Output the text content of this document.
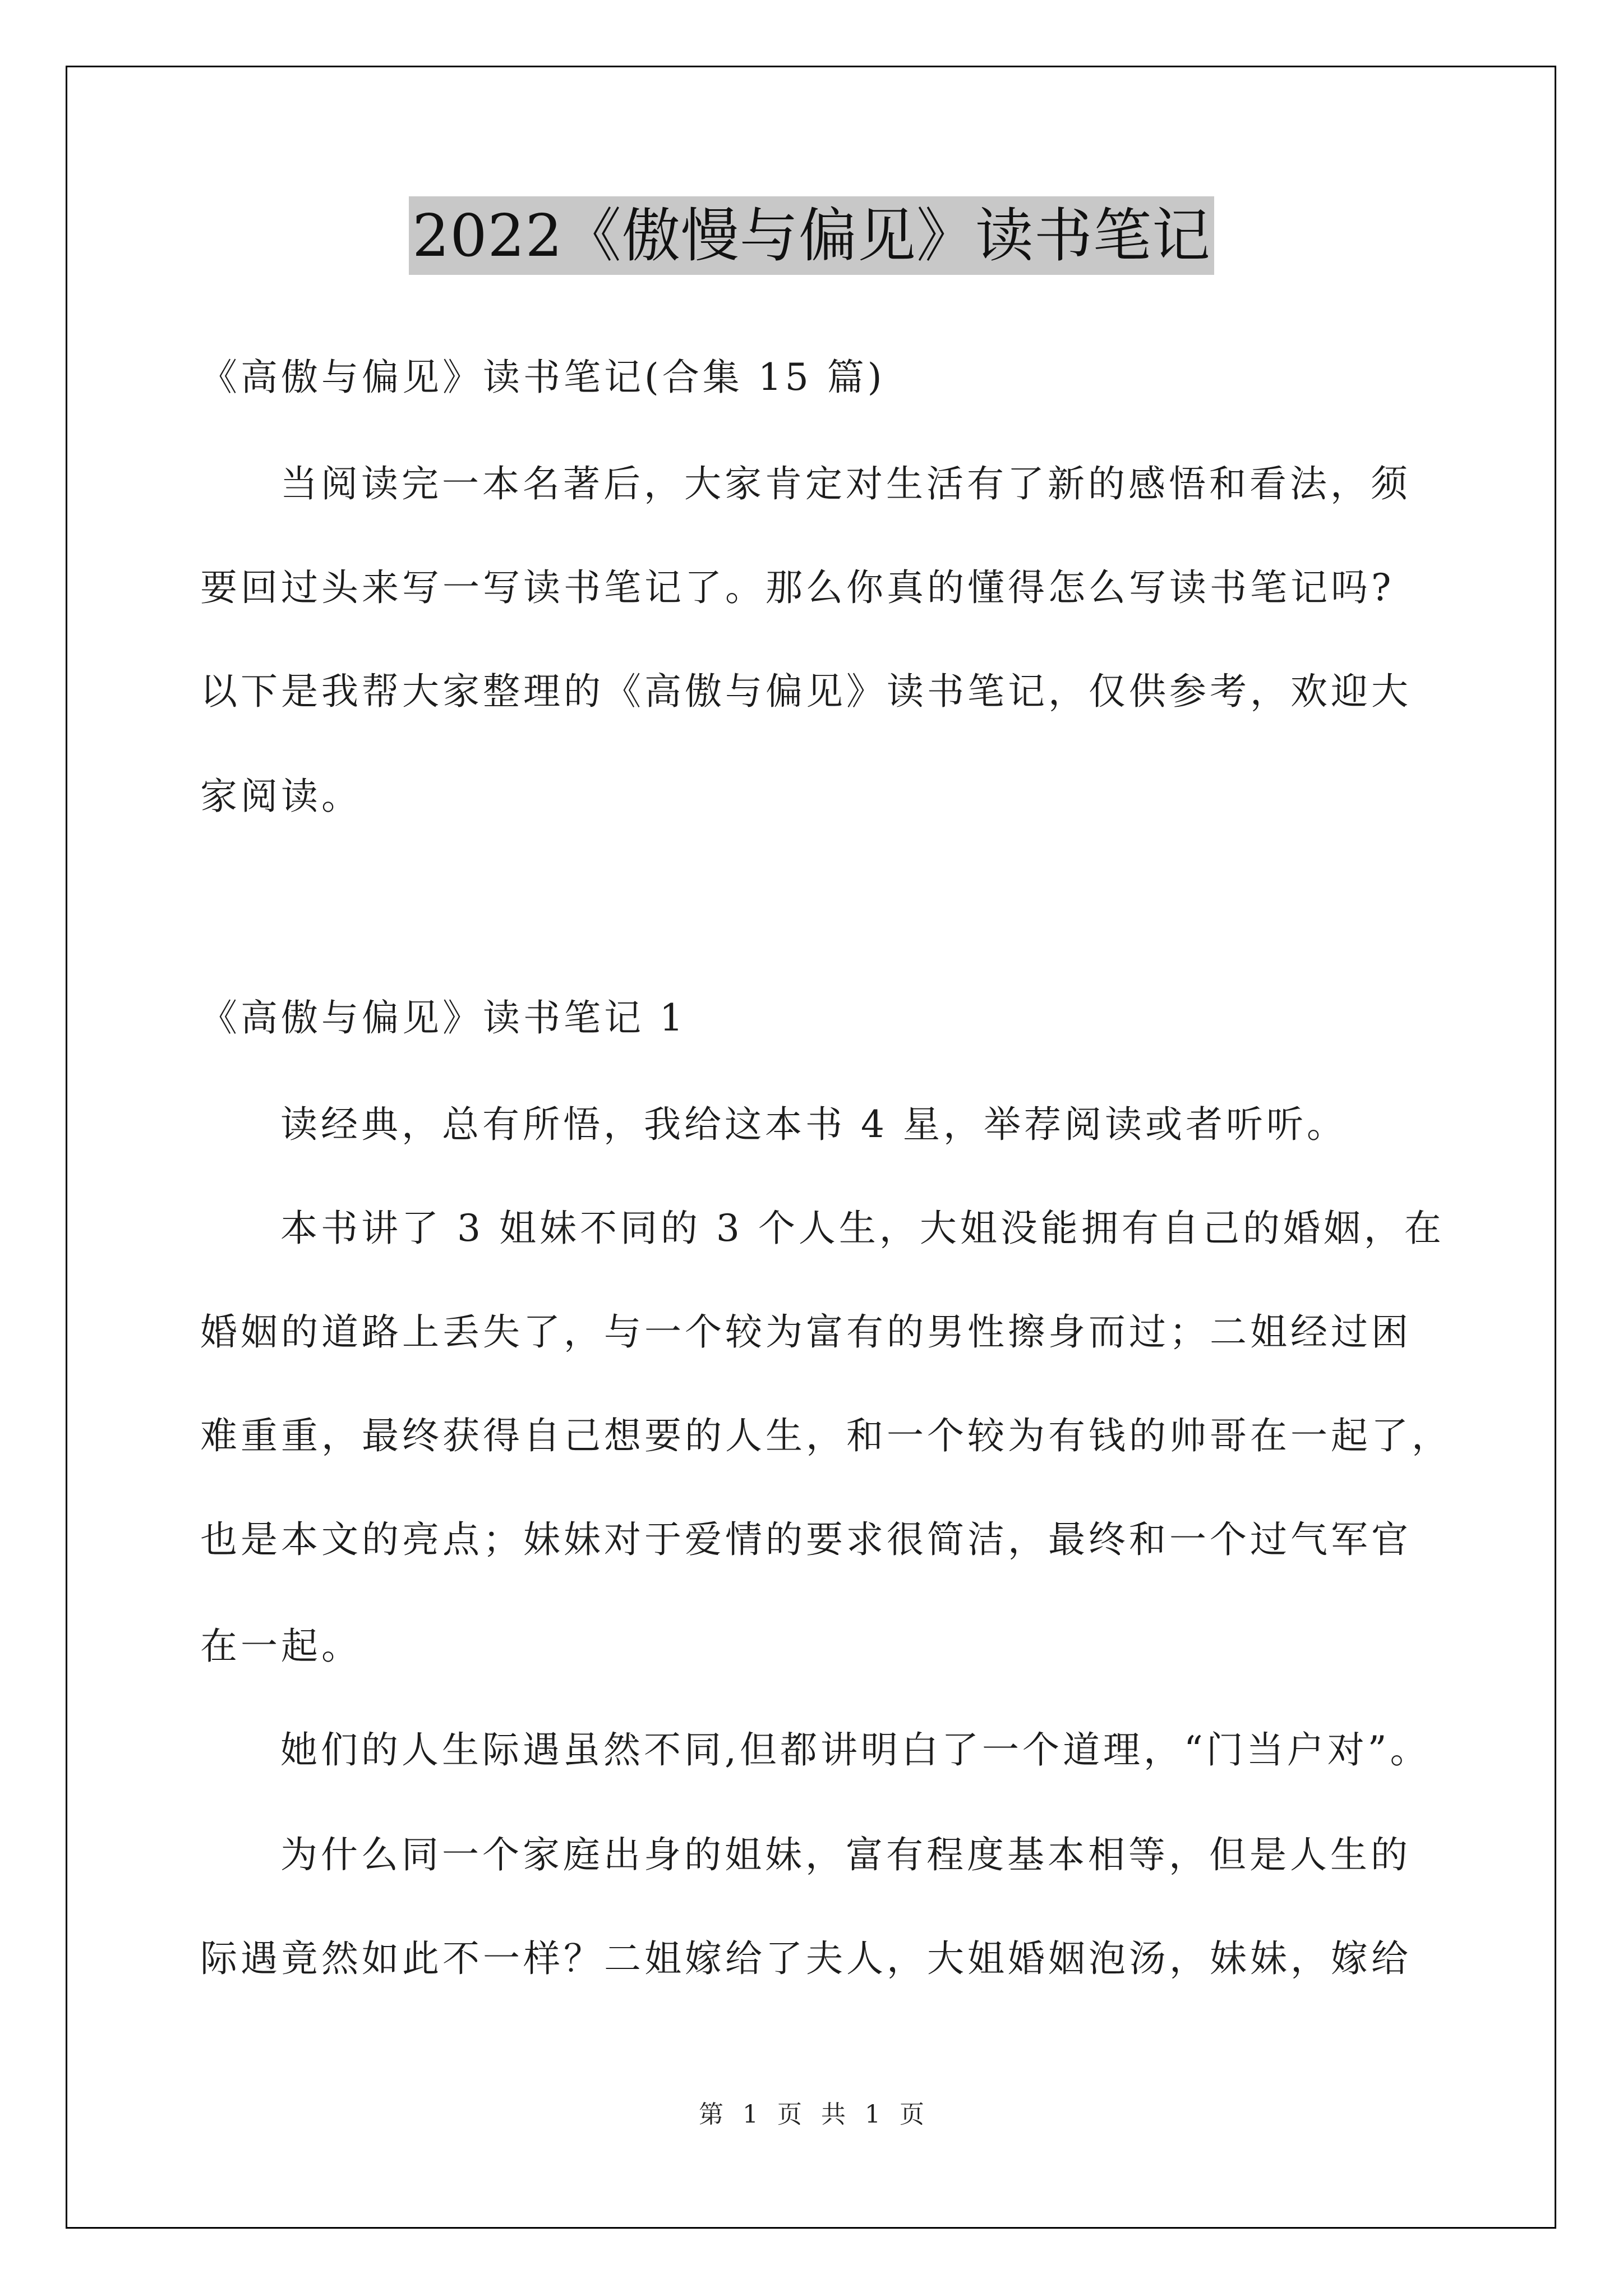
2022《傲慢与偏见》读书笔记
《高傲与偏见》读书笔记(合集 15 篇)
当阅读完一本名著后，大家肯定对生活有了新的感悟和看法，须
要回过头来写一写读书笔记了。那么你真的懂得怎么写读书笔记吗?
以下是我帮大家整理的《高傲与偏见》读书笔记，仅供参考，欢迎大
家阅读。
《高傲与偏见》读书笔记 1
读经典，总有所悟，我给这本书 4 星，举荐阅读或者听听。
本书讲了 3 姐妹不同的 3 个人生，大姐没能拥有自己的婚姻，在
婚姻的道路上丢失了，与一个较为富有的男性擦身而过；二姐经过困
难重重，最终获得自己想要的人生，和一个较为有钱的帅哥在一起了，
也是本文的亮点；妹妹对于爱情的要求很简洁，最终和一个过气军官
在一起。
她们的人生际遇虽然不同,但都讲明白了一个道理，“门当户对”。
为什么同一个家庭出身的姐妹，富有程度基本相等，但是人生的
际遇竟然如此不一样？二姐嫁给了夫人，大姐婚姻泡汤，妹妹，嫁给
第 1 页 共 1 页
